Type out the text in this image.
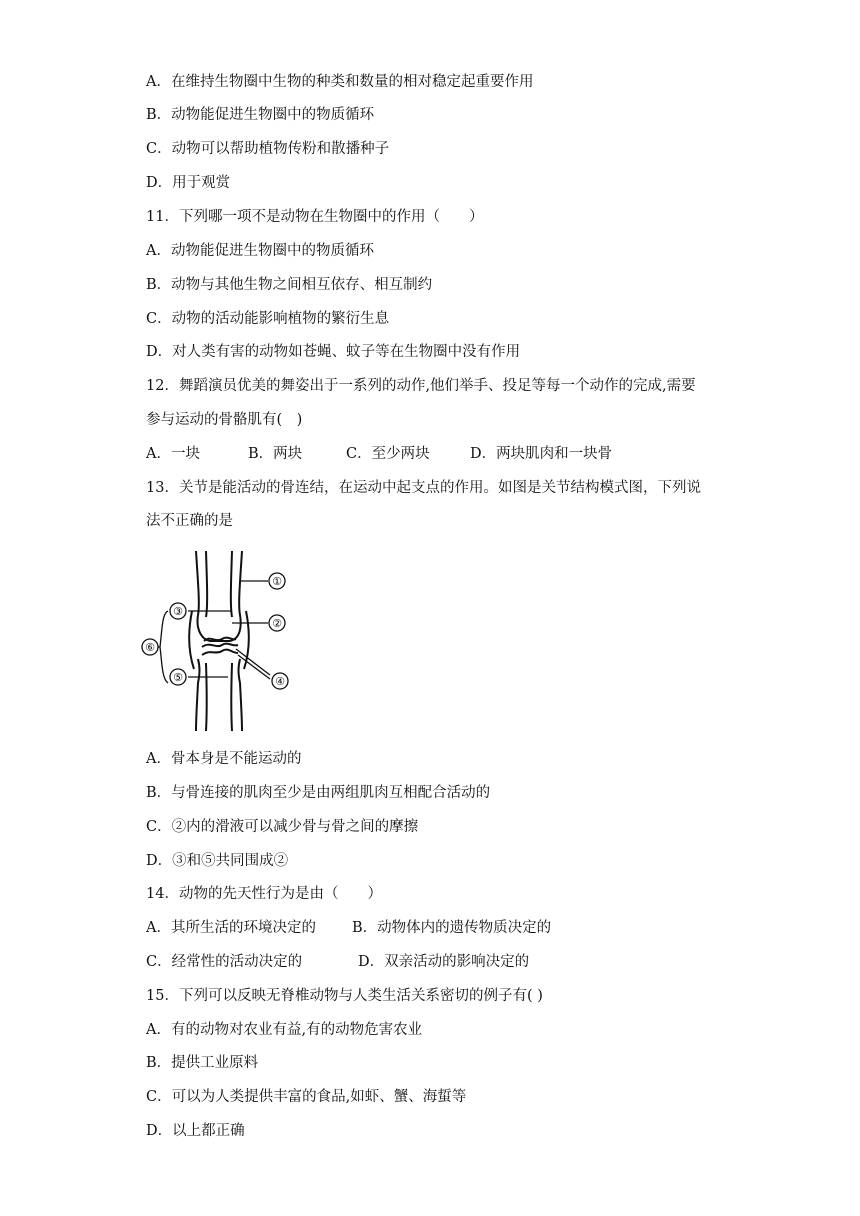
A．在维持生物圈中生物的种类和数量的相对稳定起重要作用
B．动物能促进生物圈中的物质循环
C．动物可以帮助植物传粉和散播种子
D．用于观赏
11．下列哪一项不是动物在生物圈中的作用（　　）
A．动物能促进生物圈中的物质循环
B．动物与其他生物之间相互依存、相互制约
C．动物的活动能影响植物的繁衍生息
D．对人类有害的动物如苍蝇、蚊子等在生物圈中没有作用
12．舞蹈演员优美的舞姿出于一系列的动作,他们举手、投足等每一个动作的完成,需要
参与运动的骨骼肌有(　)
A．一块	B．两块	C．至少两块	D．两块肌肉和一块骨
13．关节是能活动的骨连结，在运动中起支点的作用。如图是关节结构模式图，下列说
法不正确的是
①
②
③
④
⑤
⑥
A．骨本身是不能运动的
B．与骨连接的肌肉至少是由两组肌肉互相配合活动的
C．②内的滑液可以减少骨与骨之间的摩擦
D．③和⑤共同围成②
14．动物的先天性行为是由（　　）
A．其所生活的环境决定的 B．动物体内的遗传物质决定的
C．经常性的活动决定的	D．双亲活动的影响决定的
15．下列可以反映无脊椎动物与人类生活关系密切的例子有( )
A．有的动物对农业有益,有的动物危害农业
B．提供工业原料
C．可以为人类提供丰富的食品,如虾、蟹、海蜇等
D．以上都正确
